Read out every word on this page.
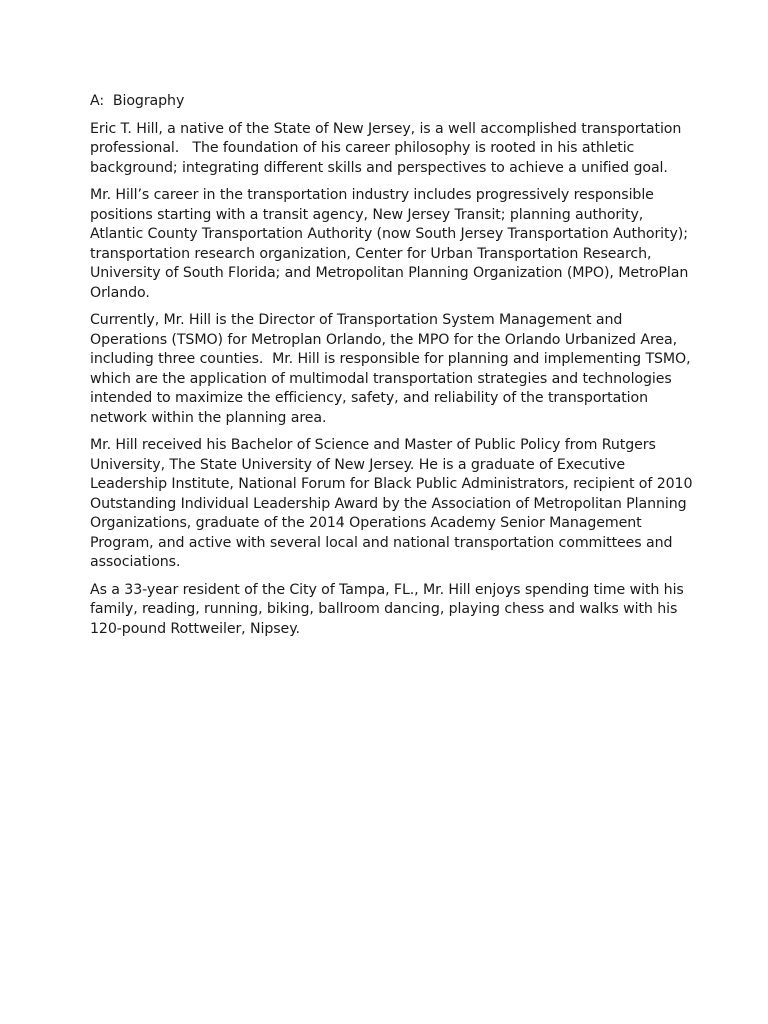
A:  Biography
Eric T. Hill, a native of the State of New Jersey, is a well accomplished transportation
professional.   The foundation of his career philosophy is rooted in his athletic
background; integrating different skills and perspectives to achieve a unified goal.
Mr. Hill’s career in the transportation industry includes progressively responsible
positions starting with a transit agency, New Jersey Transit; planning authority,
Atlantic County Transportation Authority (now South Jersey Transportation Authority);
transportation research organization, Center for Urban Transportation Research,
University of South Florida; and Metropolitan Planning Organization (MPO), MetroPlan
Orlando.
Currently, Mr. Hill is the Director of Transportation System Management and
Operations (TSMO) for Metroplan Orlando, the MPO for the Orlando Urbanized Area,
including three counties.  Mr. Hill is responsible for planning and implementing TSMO,
which are the application of multimodal transportation strategies and technologies
intended to maximize the efficiency, safety, and reliability of the transportation
network within the planning area.
Mr. Hill received his Bachelor of Science and Master of Public Policy from Rutgers
University, The State University of New Jersey. He is a graduate of Executive
Leadership Institute, National Forum for Black Public Administrators, recipient of 2010
Outstanding Individual Leadership Award by the Association of Metropolitan Planning
Organizations, graduate of the 2014 Operations Academy Senior Management
Program, and active with several local and national transportation committees and
associations.
As a 33-year resident of the City of Tampa, FL., Mr. Hill enjoys spending time with his
family, reading, running, biking, ballroom dancing, playing chess and walks with his
120-pound Rottweiler, Nipsey.
